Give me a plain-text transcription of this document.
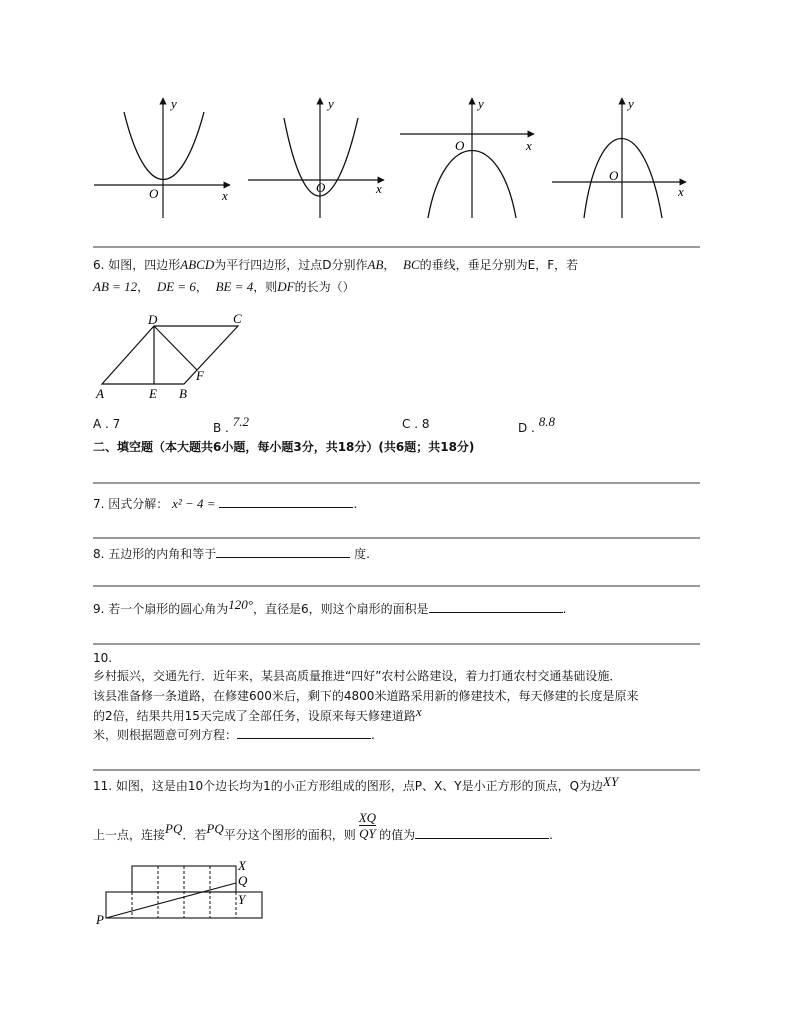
y
x
O
y
x
O
y
x
O
y
x
O
6. 如图，四边形ABCD为平行四边形，过点D分别作AB， BC的垂线，垂足分别为E，F，若
AB = 12， DE = 6， BE = 4，则DF的长为（）
A	B
C
D
E
F
A . 7	B . 7.2	C . 8	D . 8.8
二、填空题（本大题共6小题，每小题3分，共18分）(共6题；共18分)
7. 因式分解： x² − 4 =	.
8. 五边形的内角和等于	度.
9. 若一个扇形的圆心角为120°，直径是6，则这个扇形的面积是	.
10.
乡村振兴，交通先行．近年来，某县高质量推进“四好”农村公路建设，着力打通农村交通基础设施．
该县准备修一条道路，在修建600米后，剩下的4800米道路采用新的修建技术，每天修建的长度是原来
的2倍，结果共用15天完成了全部任务，设原来每天修建道路x
米，则根据题意可列方程：	.
11. 如图，这是由10个边长均为1的小正方形组成的图形，点P、X、Y是小正方形的顶点，Q为边XY
上一点，连接PQ．若PQ平分这个图形的面积，则 $\frac{XQ}{QY}$ 的值为	.
P
X
Q
Y
